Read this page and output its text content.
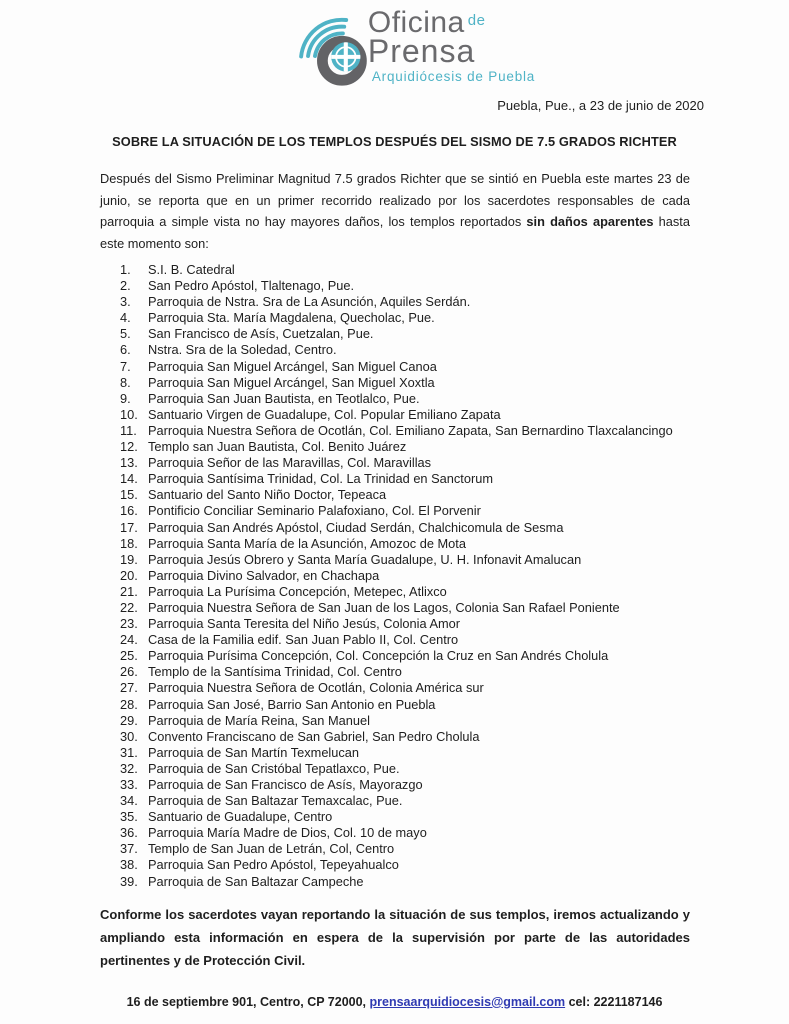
Oficina $^{de}$
Prensa
Arquidiócesis de Puebla

Puebla, Pue., a 23 de junio de 2020

SOBRE LA SITUACIÓN DE LOS TEMPLOS DESPUÉS DEL SISMO DE 7.5 GRADOS RICHTER

Después del Sismo Preliminar Magnitud 7.5 grados Richter que se sintió en Puebla este martes 23 de junio, se reporta que en un primer recorrido realizado por los sacerdotes responsables de cada parroquia a simple vista no hay mayores daños, los templos reportados sin daños aparentes hasta este momento son:

1.	S.I. B. Catedral
2.	San Pedro Apóstol, Tlaltenago, Pue.
3.	Parroquia de Nstra. Sra de La Asunción, Aquiles Serdán.
4.	Parroquia Sta. María Magdalena, Quecholac, Pue.
5.	San Francisco de Asís, Cuetzalan, Pue.
6.	Nstra. Sra de la Soledad, Centro.
7.	Parroquia San Miguel Arcángel, San Miguel Canoa
8.	Parroquia San Miguel Arcángel, San Miguel Xoxtla
9.	Parroquia San Juan Bautista, en Teotlalco, Pue.
10. Santuario Virgen de Guadalupe, Col. Popular Emiliano Zapata
11. Parroquia Nuestra Señora de Ocotlán, Col. Emiliano Zapata, San Bernardino Tlaxcalancingo
12. Templo san Juan Bautista, Col. Benito Juárez
13. Parroquia Señor de las Maravillas, Col. Maravillas
14. Parroquia Santísima Trinidad, Col. La Trinidad en Sanctorum
15. Santuario del Santo Niño Doctor, Tepeaca
16. Pontificio Conciliar Seminario Palafoxiano, Col. El Porvenir
17. Parroquia San Andrés Apóstol, Ciudad Serdán, Chalchicomula de Sesma
18. Parroquia Santa María de la Asunción, Amozoc de Mota
19. Parroquia Jesús Obrero y Santa María Guadalupe, U. H. Infonavit Amalucan
20. Parroquia Divino Salvador, en Chachapa
21. Parroquia La Purísima Concepción, Metepec, Atlixco
22. Parroquia Nuestra Señora de San Juan de los Lagos, Colonia San Rafael Poniente
23. Parroquia Santa Teresita del Niño Jesús, Colonia Amor
24. Casa de la Familia edif. San Juan Pablo II, Col. Centro
25. Parroquia Purísima Concepción, Col. Concepción la Cruz en San Andrés Cholula
26. Templo de la Santísima Trinidad, Col. Centro
27. Parroquia Nuestra Señora de Ocotlán, Colonia América sur
28. Parroquia San José, Barrio San Antonio en Puebla
29. Parroquia de María Reina, San Manuel
30. Convento Franciscano de San Gabriel, San Pedro Cholula
31. Parroquia de San Martín Texmelucan
32. Parroquia de San Cristóbal Tepatlaxco, Pue.
33. Parroquia de San Francisco de Asís, Mayorazgo
34. Parroquia de San Baltazar Temaxcalac, Pue.
35. Santuario de Guadalupe, Centro
36. Parroquia María Madre de Dios, Col. 10 de mayo
37. Templo de San Juan de Letrán, Col, Centro
38. Parroquia San Pedro Apóstol, Tepeyahualco
39. Parroquia de San Baltazar Campeche

Conforme los sacerdotes vayan reportando la situación de sus templos, iremos actualizando y ampliando esta información en espera de la supervisión por parte de las autoridades pertinentes y de Protección Civil.

16 de septiembre 901, Centro, CP 72000, prensaarquidiocesis@gmail.com cel: 2221187146
